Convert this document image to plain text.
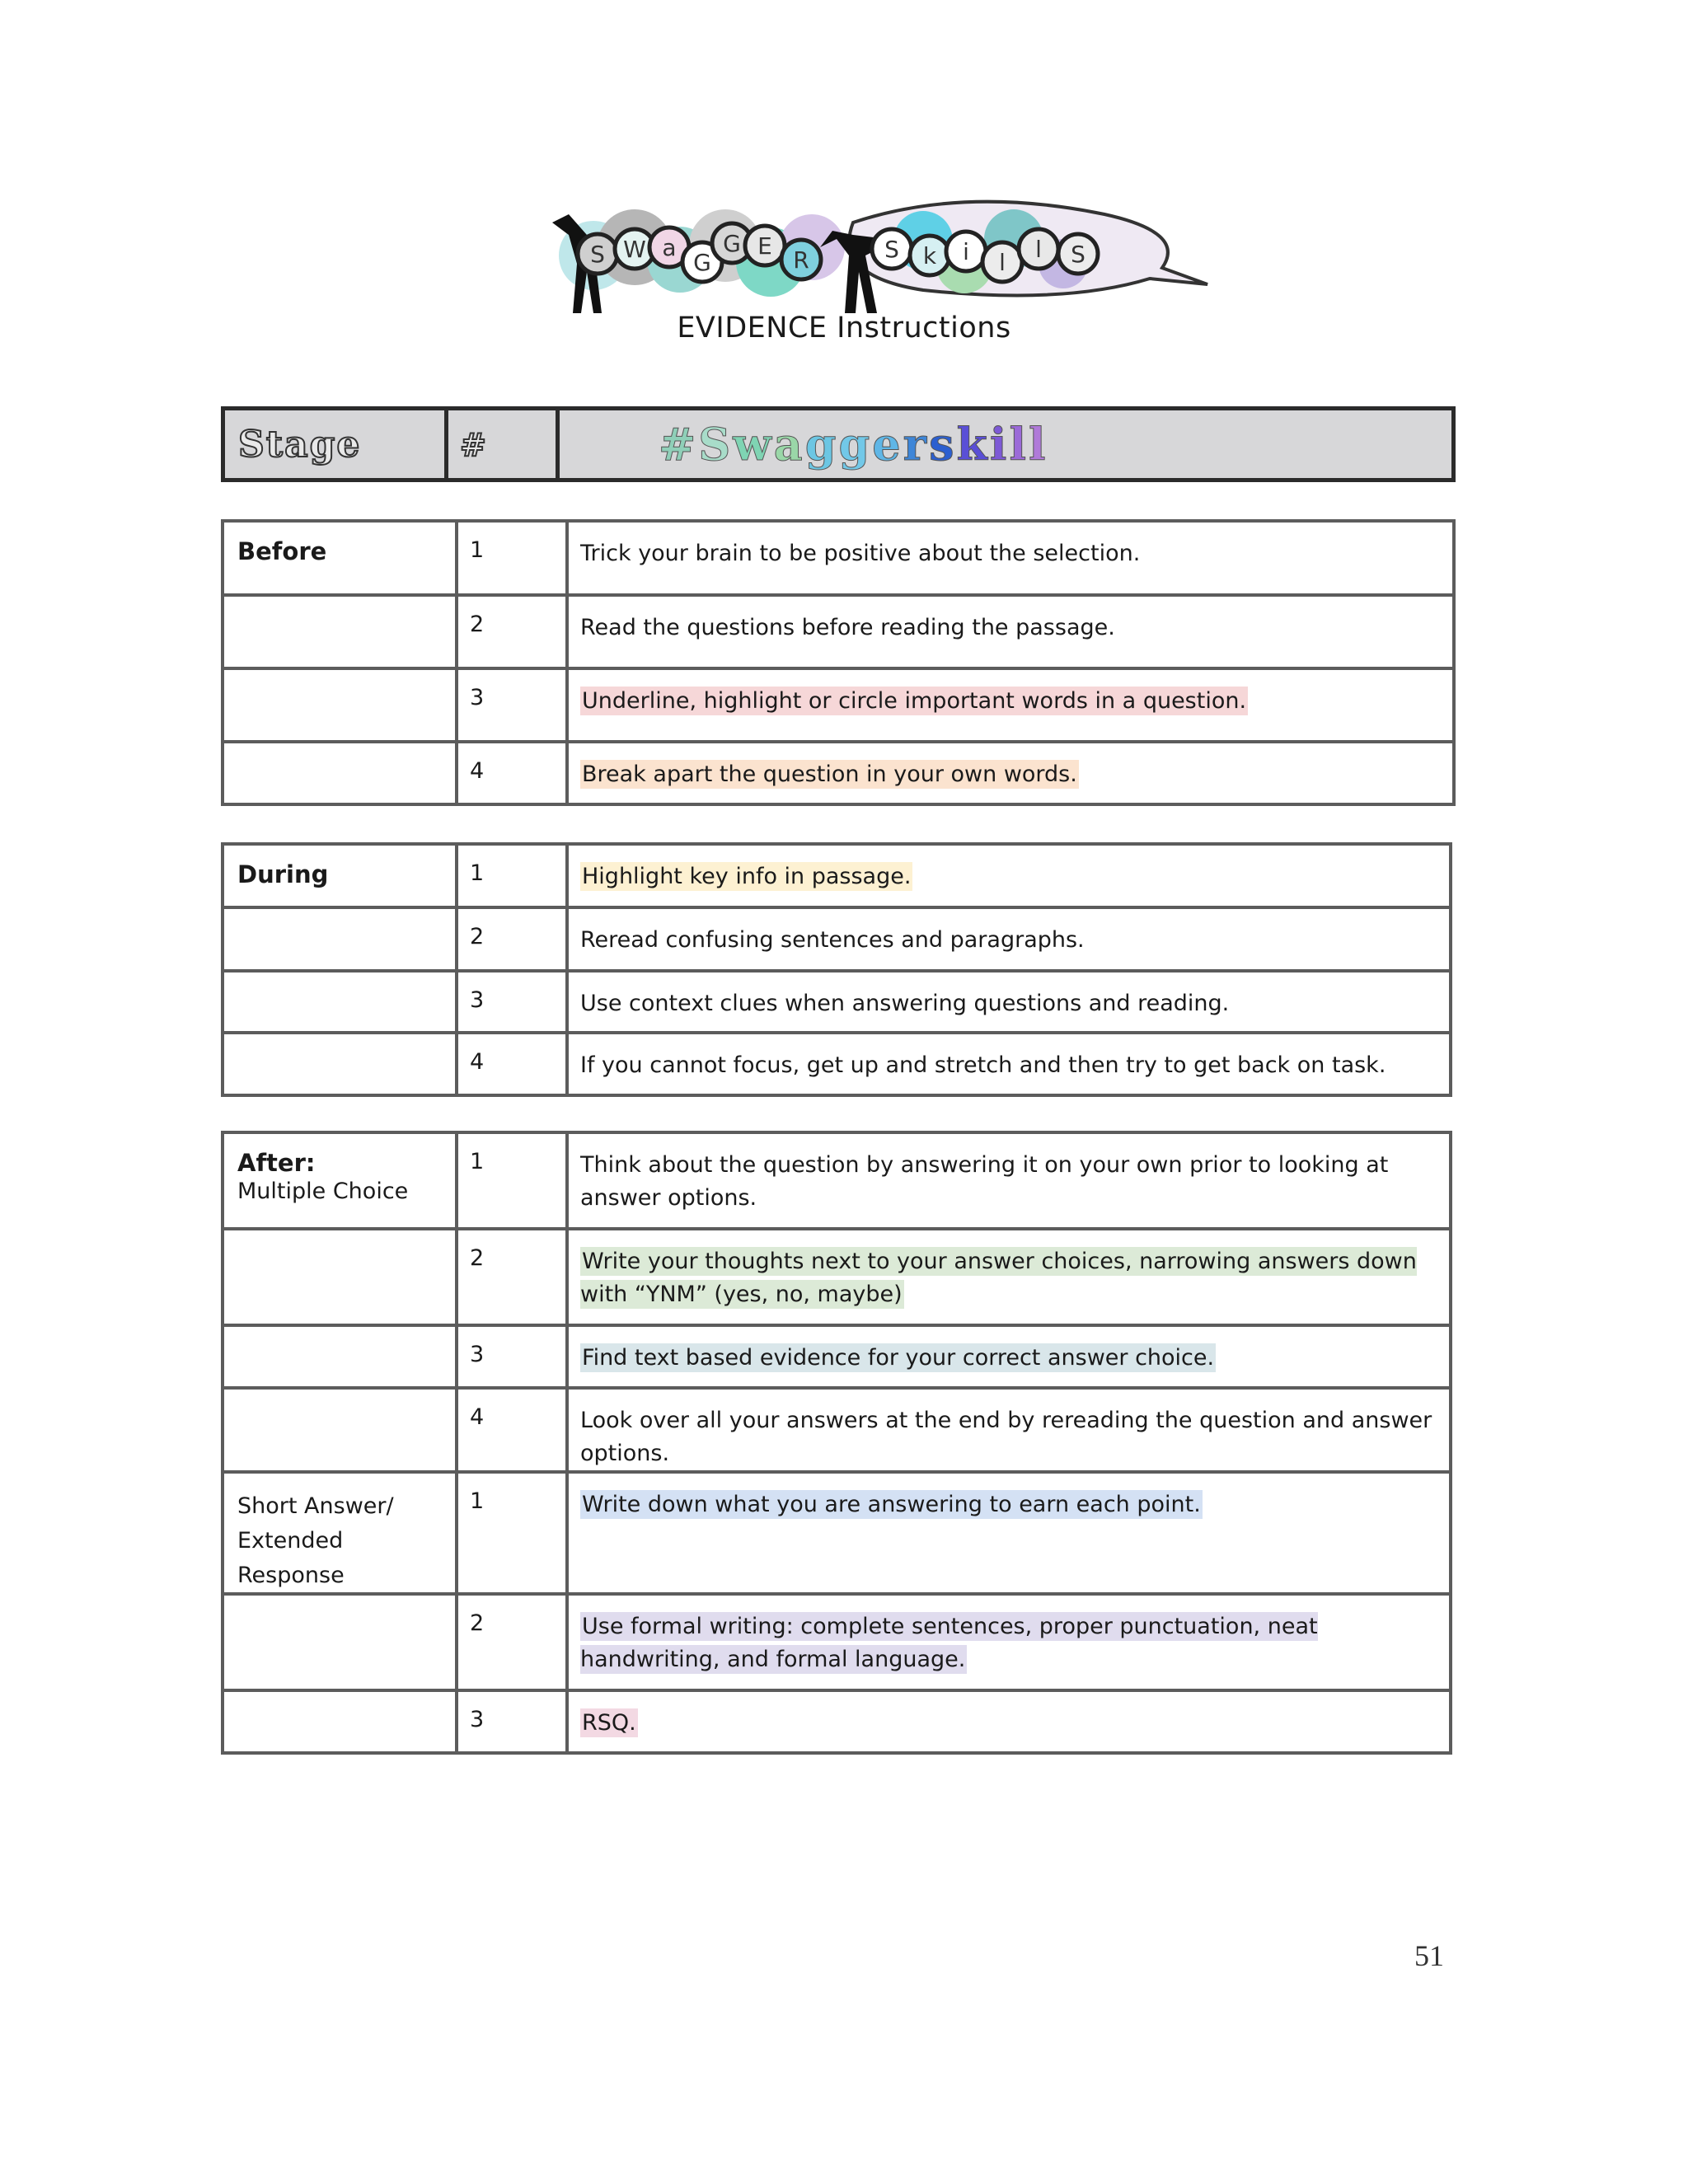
S W a
G
G E
R	S k i l l S
EVIDENCE Instructions
Stage	#	#Swaggerskill
Before	1	Trick your brain to be positive about the selection.
	2	Read the questions before reading the passage.
	3	Underline, highlight or circle important words in a question.
	4	Break apart the question in your own words.
During	1	Highlight key info in passage.
	2	Reread confusing sentences and paragraphs.
	3	Use context clues when answering questions and reading.
	4	If you cannot focus, get up and stretch and then try to get back on task.
After:
Multiple Choice	1	Think about the question by answering it on your own prior to looking at answer options.
	2	Write your thoughts next to your answer choices, narrowing answers down with “YNM” (yes, no, maybe)
	3	Find text based evidence for your correct answer choice.
	4	Look over all your answers at the end by rereading the question and answer options.
Short Answer/ Extended Response	1	Write down what you are answering to earn each point.
	2	Use formal writing: complete sentences, proper punctuation, neat handwriting, and formal language.
	3	RSQ.
51
